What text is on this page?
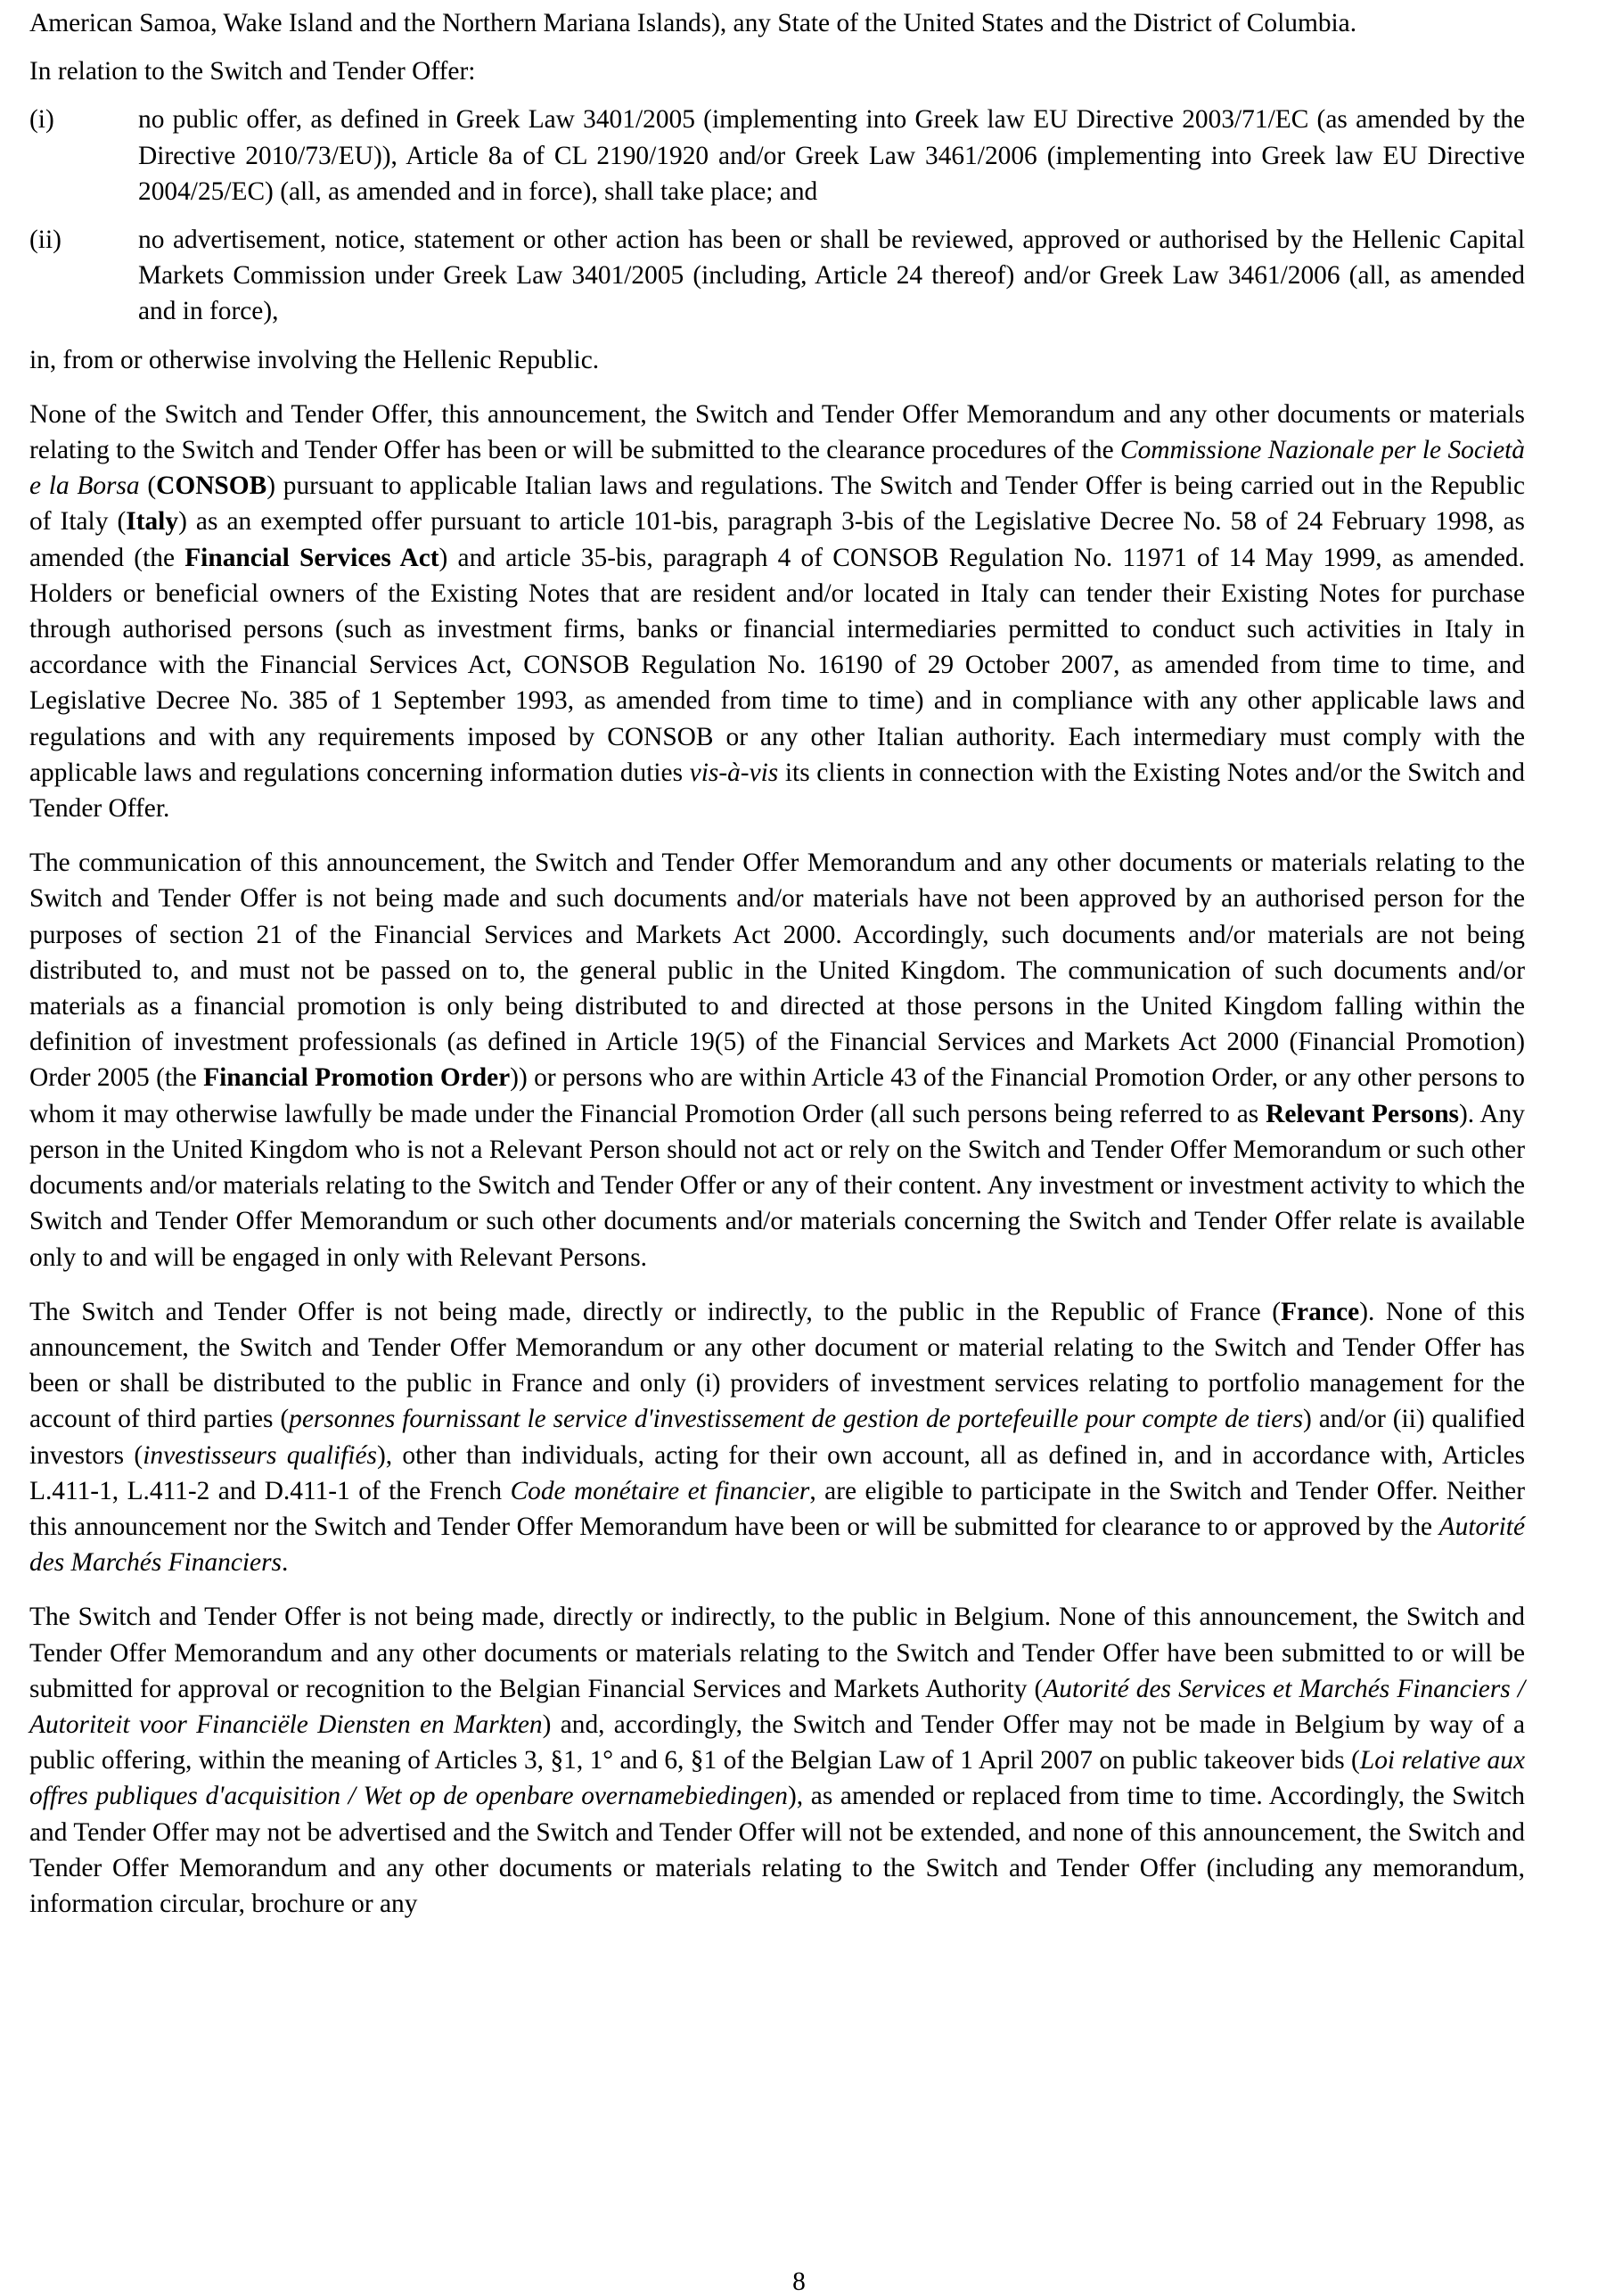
American Samoa, Wake Island and the Northern Mariana Islands), any State of the United States and the District of Columbia.

In relation to the Switch and Tender Offer:

(i)	no public offer, as defined in Greek Law 3401/2005 (implementing into Greek law EU Directive 2003/71/EC (as amended by the Directive 2010/73/EU)), Article 8a of CL 2190/1920 and/or Greek Law 3461/2006 (implementing into Greek law EU Directive 2004/25/EC) (all, as amended and in force), shall take place; and
(ii)	no advertisement, notice, statement or other action has been or shall be reviewed, approved or authorised by the Hellenic Capital Markets Commission under Greek Law 3401/2005 (including, Article 24 thereof) and/or Greek Law 3461/2006 (all, as amended and in force),

in, from or otherwise involving the Hellenic Republic.

None of the Switch and Tender Offer, this announcement, the Switch and Tender Offer Memorandum and any other documents or materials relating to the Switch and Tender Offer has been or will be submitted to the clearance procedures of the Commissione Nazionale per le Società e la Borsa (CONSOB) pursuant to applicable Italian laws and regulations. The Switch and Tender Offer is being carried out in the Republic of Italy (Italy) as an exempted offer pursuant to article 101-bis, paragraph 3-bis of the Legislative Decree No. 58 of 24 February 1998, as amended (the Financial Services Act) and article 35-bis, paragraph 4 of CONSOB Regulation No. 11971 of 14 May 1999, as amended. Holders or beneficial owners of the Existing Notes that are resident and/or located in Italy can tender their Existing Notes for purchase through authorised persons (such as investment firms, banks or financial intermediaries permitted to conduct such activities in Italy in accordance with the Financial Services Act, CONSOB Regulation No. 16190 of 29 October 2007, as amended from time to time, and Legislative Decree No. 385 of 1 September 1993, as amended from time to time) and in compliance with any other applicable laws and regulations and with any requirements imposed by CONSOB or any other Italian authority. Each intermediary must comply with the applicable laws and regulations concerning information duties vis-à-vis its clients in connection with the Existing Notes and/or the Switch and Tender Offer.

The communication of this announcement, the Switch and Tender Offer Memorandum and any other documents or materials relating to the Switch and Tender Offer is not being made and such documents and/or materials have not been approved by an authorised person for the purposes of section 21 of the Financial Services and Markets Act 2000. Accordingly, such documents and/or materials are not being distributed to, and must not be passed on to, the general public in the United Kingdom. The communication of such documents and/or materials as a financial promotion is only being distributed to and directed at those persons in the United Kingdom falling within the definition of investment professionals (as defined in Article 19(5) of the Financial Services and Markets Act 2000 (Financial Promotion) Order 2005 (the Financial Promotion Order)) or persons who are within Article 43 of the Financial Promotion Order, or any other persons to whom it may otherwise lawfully be made under the Financial Promotion Order (all such persons being referred to as Relevant Persons). Any person in the United Kingdom who is not a Relevant Person should not act or rely on the Switch and Tender Offer Memorandum or such other documents and/or materials relating to the Switch and Tender Offer or any of their content. Any investment or investment activity to which the Switch and Tender Offer Memorandum or such other documents and/or materials concerning the Switch and Tender Offer relate is available only to and will be engaged in only with Relevant Persons.

The Switch and Tender Offer is not being made, directly or indirectly, to the public in the Republic of France (France). None of this announcement, the Switch and Tender Offer Memorandum or any other document or material relating to the Switch and Tender Offer has been or shall be distributed to the public in France and only (i) providers of investment services relating to portfolio management for the account of third parties (personnes fournissant le service d'investissement de gestion de portefeuille pour compte de tiers) and/or (ii) qualified investors (investisseurs qualifiés), other than individuals, acting for their own account, all as defined in, and in accordance with, Articles L.411-1, L.411-2 and D.411-1 of the French Code monétaire et financier, are eligible to participate in the Switch and Tender Offer. Neither this announcement nor the Switch and Tender Offer Memorandum have been or will be submitted for clearance to or approved by the Autorité des Marchés Financiers.

The Switch and Tender Offer is not being made, directly or indirectly, to the public in Belgium. None of this announcement, the Switch and Tender Offer Memorandum and any other documents or materials relating to the Switch and Tender Offer have been submitted to or will be submitted for approval or recognition to the Belgian Financial Services and Markets Authority (Autorité des Services et Marchés Financiers / Autoriteit voor Financiële Diensten en Markten) and, accordingly, the Switch and Tender Offer may not be made in Belgium by way of a public offering, within the meaning of Articles 3, §1, 1° and 6, §1 of the Belgian Law of 1 April 2007 on public takeover bids (Loi relative aux offres publiques d'acquisition / Wet op de openbare overnamebiedingen), as amended or replaced from time to time. Accordingly, the Switch and Tender Offer may not be advertised and the Switch and Tender Offer will not be extended, and none of this announcement, the Switch and Tender Offer Memorandum and any other documents or materials relating to the Switch and Tender Offer (including any memorandum, information circular, brochure or any

8
